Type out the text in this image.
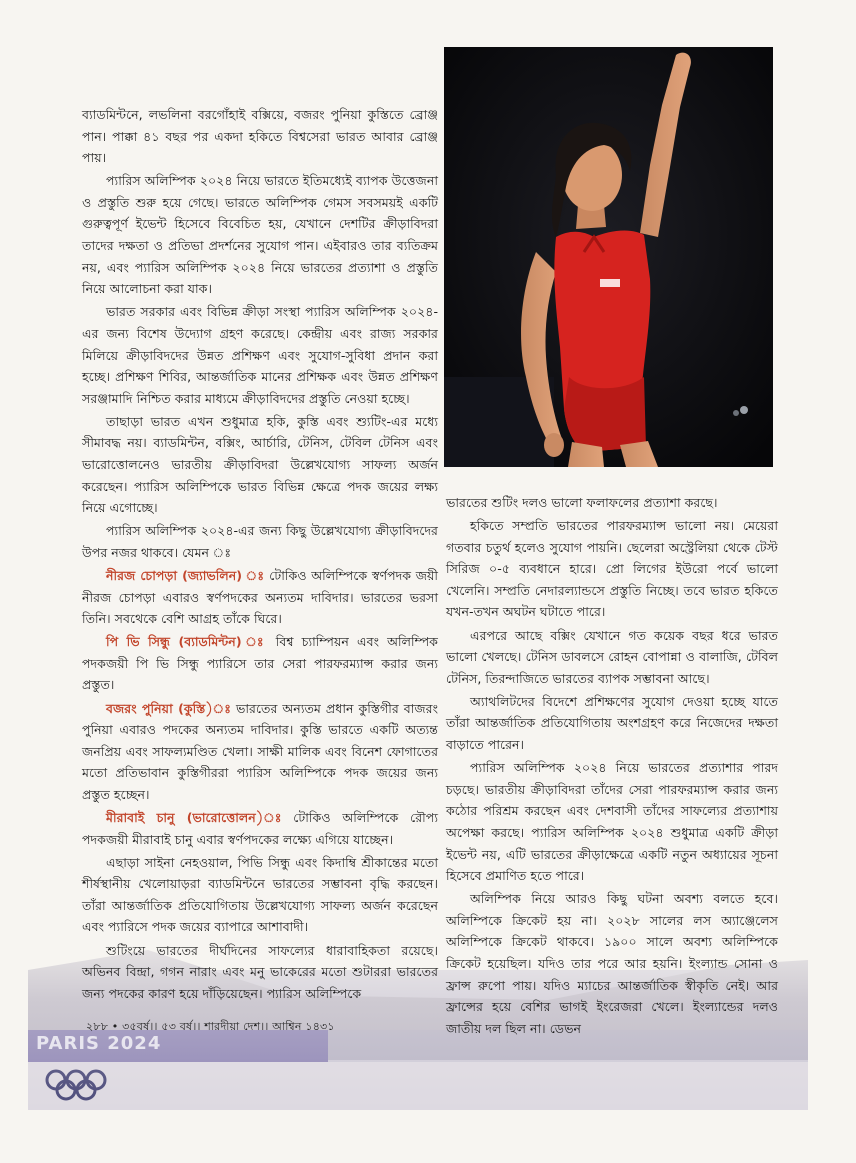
PARIS 2024

ব্যাডমিন্টনে, লভলিনা বরগোঁহাই বক্সিয়ে, বজরং পুনিয়া কুস্তিতে ব্রোঞ্জ পান। পাক্কা ৪১ বছর পর একদা হকিতে বিশ্বসেরা ভারত আবার ব্রোঞ্জ পায়।

প্যারিস অলিম্পিক ২০২৪ নিয়ে ভারতে ইতিমধ্যেই ব্যাপক উত্তেজনা ও প্রস্তুতি শুরু হয়ে গেছে। ভারতে অলিম্পিক গেমস সবসময়ই একটি গুরুত্বপূর্ণ ইভেন্ট হিসেবে বিবেচিত হয়, যেখানে দেশটির ক্রীড়াবিদরা তাদের দক্ষতা ও প্রতিভা প্রদর্শনের সুযোগ পান। এইবারও তার ব্যতিক্রম নয়, এবং প্যারিস অলিম্পিক ২০২৪ নিয়ে ভারতের প্রত্যাশা ও প্রস্তুতি নিয়ে আলোচনা করা যাক।

ভারত সরকার এবং বিভিন্ন ক্রীড়া সংস্থা প্যারিস অলিম্পিক ২০২৪-এর জন্য বিশেষ উদ্যোগ গ্রহণ করেছে। কেন্দ্রীয় এবং রাজ্য সরকার মিলিয়ে ক্রীড়াবিদদের উন্নত প্রশিক্ষণ এবং সুযোগ-সুবিধা প্রদান করা হচ্ছে। প্রশিক্ষণ শিবির, আন্তর্জাতিক মানের প্রশিক্ষক এবং উন্নত প্রশিক্ষণ সরঞ্জামাদি নিশ্চিত করার মাধ্যমে ক্রীড়াবিদদের প্রস্তুতি নেওয়া হচ্ছে।

তাছাড়া ভারত এখন শুধুমাত্র হকি, কুস্তি এবং শ্যুটিং-এর মধ্যে সীমাবদ্ধ নয়। ব্যাডমিন্টন, বক্সিং, আর্চারি, টেনিস, টেবিল টেনিস এবং ভারোত্তোলনেও ভারতীয় ক্রীড়াবিদরা উল্লেখযোগ্য সাফল্য অর্জন করেছেন। প্যারিস অলিম্পিকে ভারত বিভিন্ন ক্ষেত্রে পদক জয়ের লক্ষ্য নিয়ে এগোচ্ছে।

প্যারিস অলিম্পিক ২০২৪-এর জন্য কিছু উল্লেখযোগ্য ক্রীড়াবিদদের উপর নজর থাকবে। যেমন ঃ

নীরজ চোপড়া (জ্যাভলিন) ঃ টোকিও অলিম্পিকে স্বর্ণপদক জয়ী নীরজ চোপড়া এবারও স্বর্ণপদকের অন্যতম দাবিদার। ভারতের ভরসা তিনি। সবথেকে বেশি আগ্রহ তাঁকে ঘিরে।

পি ভি সিন্ধু (ব্যাডমিন্টন) ঃ বিশ্ব চ্যাম্পিয়ন এবং অলিম্পিক পদকজয়ী পি ভি সিন্ধু প্যারিসে তার সেরা পারফরম্যান্স করার জন্য প্রস্তুত।

বজরং পুনিয়া (কুস্তি)ঃ ভারতের অন্যতম প্রধান কুস্তিগীর বাজরং পুনিয়া এবারও পদকের অন্যতম দাবিদার। কুস্তি ভারতে একটি অত্যন্ত জনপ্রিয় এবং সাফল্যমণ্ডিত খেলা। সাক্ষী মালিক এবং বিনেশ ফোগাতের মতো প্রতিভাবান কুস্তিগীররা প্যারিস অলিম্পিকে পদক জয়ের জন্য প্রস্তুত হচ্ছেন।

মীরাবাই চানু (ভারোত্তোলন)ঃ টোকিও অলিম্পিকে রৌপ্য পদকজয়ী মীরাবাই চানু এবার স্বর্ণপদকের লক্ষ্যে এগিয়ে যাচ্ছেন।

এছাড়া সাইনা নেহওয়াল, পিভি সিন্ধু এবং কিদাম্বি শ্রীকান্তের মতো শীর্ষস্থানীয় খেলোয়াড়রা ব্যাডমিন্টনে ভারতের সম্ভাবনা বৃদ্ধি করছেন। তাঁরা আন্তর্জাতিক প্রতিযোগিতায় উল্লেখযোগ্য সাফল্য অর্জন করেছেন এবং প্যারিসে পদক জয়ের ব্যাপারে আশাবাদী।

শুটিংয়ে ভারতের দীর্ঘদিনের সাফল্যের ধারাবাহিকতা রয়েছে। অভিনব বিন্দ্রা, গগন নারাং এবং মনু ভাকেরের মতো শুটাররা ভারতের জন্য পদকের কারণ হয়ে দাঁড়িয়েছেন। প্যারিস অলিম্পিকে

ভারতের শুটিং দলও ভালো ফলাফলের প্রত্যাশা করছে।

হকিতে সম্প্রতি ভারতের পারফরম্যান্স ভালো নয়। মেয়েরা গতবার চতুর্থ হলেও সুযোগ পায়নি। ছেলেরা অস্ট্রেলিয়া থেকে টেস্ট সিরিজ ০-৫ ব্যবধানে হারে। প্রো লিগের ইউরো পর্বে ভালো খেলেনি। সম্প্রতি নেদারল্যান্ডসে প্রস্তুতি নিচ্ছে। তবে ভারত হকিতে যখন-তখন অঘটন ঘটাতে পারে।

এরপরে আছে বক্সিং যেখানে গত কয়েক বছর ধরে ভারত ভালো খেলছে। টেনিস ডাবলসে রোহন বোপান্না ও বালাজি, টেবিল টেনিস, তিরন্দাজিতে ভারতের ব্যাপক সম্ভাবনা আছে।

অ্যাথলিটদের বিদেশে প্রশিক্ষণের সুযোগ দেওয়া হচ্ছে যাতে তাঁরা আন্তর্জাতিক প্রতিযোগিতায় অংশগ্রহণ করে নিজেদের দক্ষতা বাড়াতে পারেন।

প্যারিস অলিম্পিক ২০২৪ নিয়ে ভারতের প্রত্যাশার পারদ চড়ছে। ভারতীয় ক্রীড়াবিদরা তাঁদের সেরা পারফরম্যান্স করার জন্য কঠোর পরিশ্রম করছেন এবং দেশবাসী তাঁদের সাফল্যের প্রত্যাশায় অপেক্ষা করছে। প্যারিস অলিম্পিক ২০২৪ শুধুমাত্র একটি ক্রীড়া ইভেন্ট নয়, এটি ভারতের ক্রীড়াক্ষেত্রে একটি নতুন অধ্যায়ের সূচনা হিসেবে প্রমাণিত হতে পারে।

অলিম্পিক নিয়ে আরও কিছু ঘটনা অবশ্য বলতে হবে। অলিম্পিকে ক্রিকেট হয় না। ২০২৮ সালের লস অ্যাঞ্জেলেস অলিম্পিকে ক্রিকেট থাকবে। ১৯০০ সালে অবশ্য অলিম্পিকে ক্রিকেট হয়েছিল। যদিও তার পরে আর হয়নি। ইংল্যান্ড সোনা ও ফ্রান্স রুপো পায়। যদিও ম্যাচের আন্তর্জাতিক স্বীকৃতি নেই। আর ফ্রান্সের হয়ে বেশির ভাগই ইংরেজরা খেলে। ইংল্যান্ডের দলও জাতীয় দল ছিল না। ডেভন

২৮৮ • ৩৫বর্ষ।। ৫৩ বর্ষ।। শারদীয়া দেশ।। আশ্বিন ১৪৩১
